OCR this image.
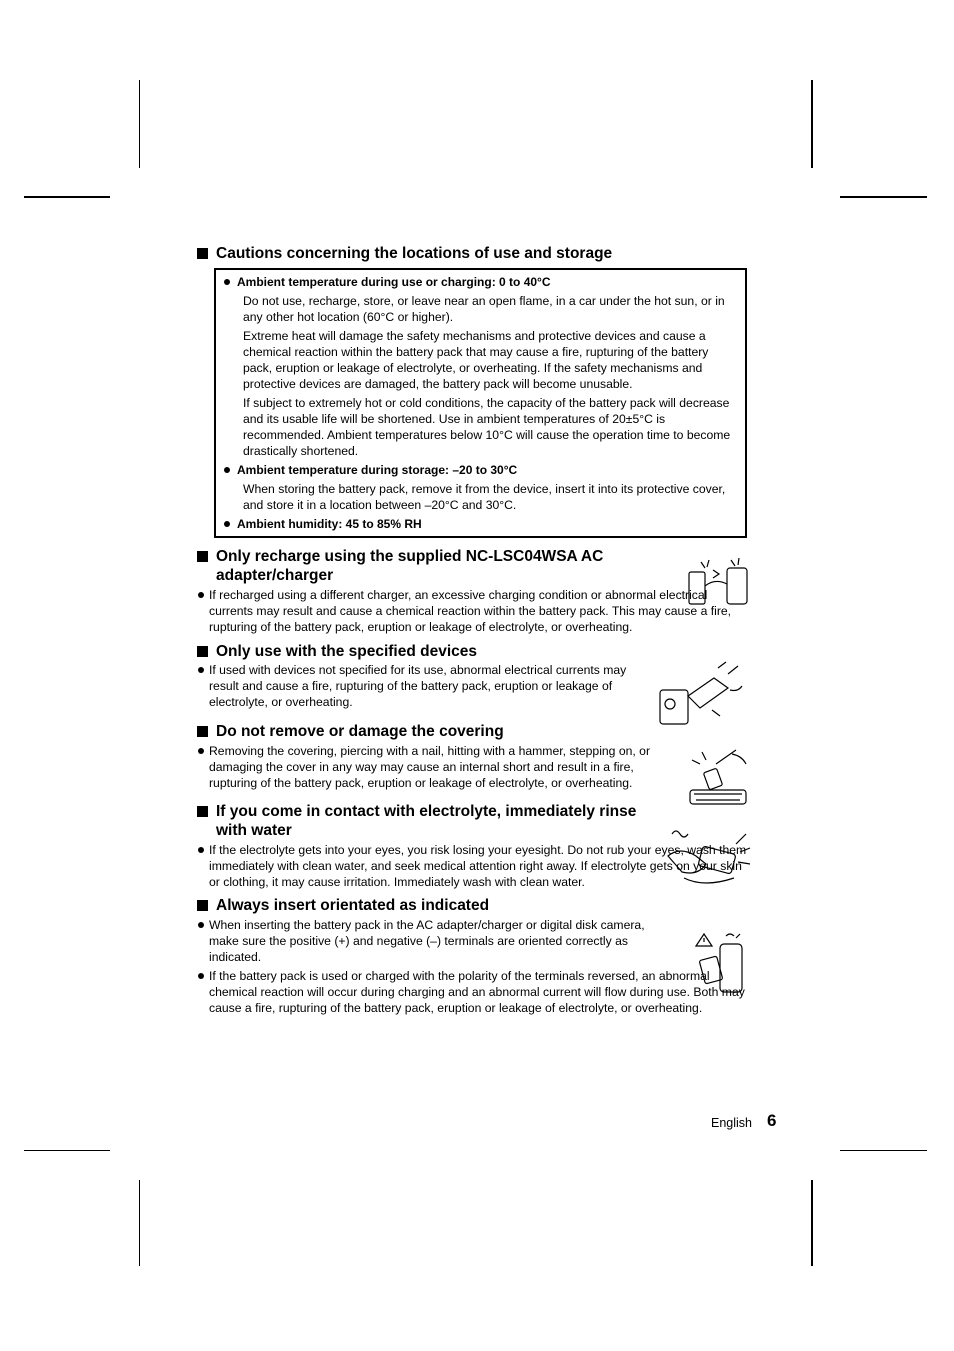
Cautions concerning the locations of use and storage
Ambient temperature during use or charging: 0 to 40°C
Do not use, recharge, store, or leave near an open flame, in a car under the hot sun, or in any other hot location (60°C or higher).
Extreme heat will damage the safety mechanisms and protective devices and cause a chemical reaction within the battery pack that may cause a fire, rupturing of the battery pack, eruption or leakage of electrolyte, or overheating. If the safety mechanisms and protective devices are damaged, the battery pack will become unusable.
If subject to extremely hot or cold conditions, the capacity of the battery pack will decrease and its usable life will be shortened. Use in ambient temperatures of 20±5°C is recommended. Ambient temperatures below 10°C will cause the operation time to become drastically shortened.
Ambient temperature during storage: –20 to 30°C
When storing the battery pack, remove it from the device, insert it into its protective cover, and store it in a location between –20°C and 30°C.
Ambient humidity: 45 to 85% RH
Only recharge using the supplied NC-LSC04WSA AC adapter/charger
If recharged using a different charger, an excessive charging condition or abnormal electrical currents may result and cause a chemical reaction within the battery pack. This may cause a fire, rupturing of the battery pack, eruption or leakage of electrolyte, or overheating.
Only use with the specified devices
If used with devices not specified for its use, abnormal electrical currents may result and cause a fire, rupturing of the battery pack, eruption or leakage of electrolyte, or overheating.
Do not remove or damage the covering
Removing the covering, piercing with a nail, hitting with a hammer, stepping on, or damaging the cover in any way may cause an internal short and result in a fire, rupturing of the battery pack, eruption or leakage of electrolyte, or overheating.
If you come in contact with electrolyte, immediately rinse with water
If the electrolyte gets into your eyes, you risk losing your eyesight. Do not rub your eyes, wash them immediately with clean water, and seek medical attention right away. If electrolyte gets on your skin or clothing, it may cause irritation. Immediately wash with clean water.
Always insert orientated as indicated
When inserting the battery pack in the AC adapter/charger or digital disk camera, make sure the positive (+) and negative (–) terminals are oriented correctly as indicated.
If the battery pack is used or charged with the polarity of the terminals reversed, an abnormal chemical reaction will occur during charging and an abnormal current will flow during use. Both may cause a fire, rupturing of the battery pack, eruption or leakage of electrolyte, or overheating.
English 6
